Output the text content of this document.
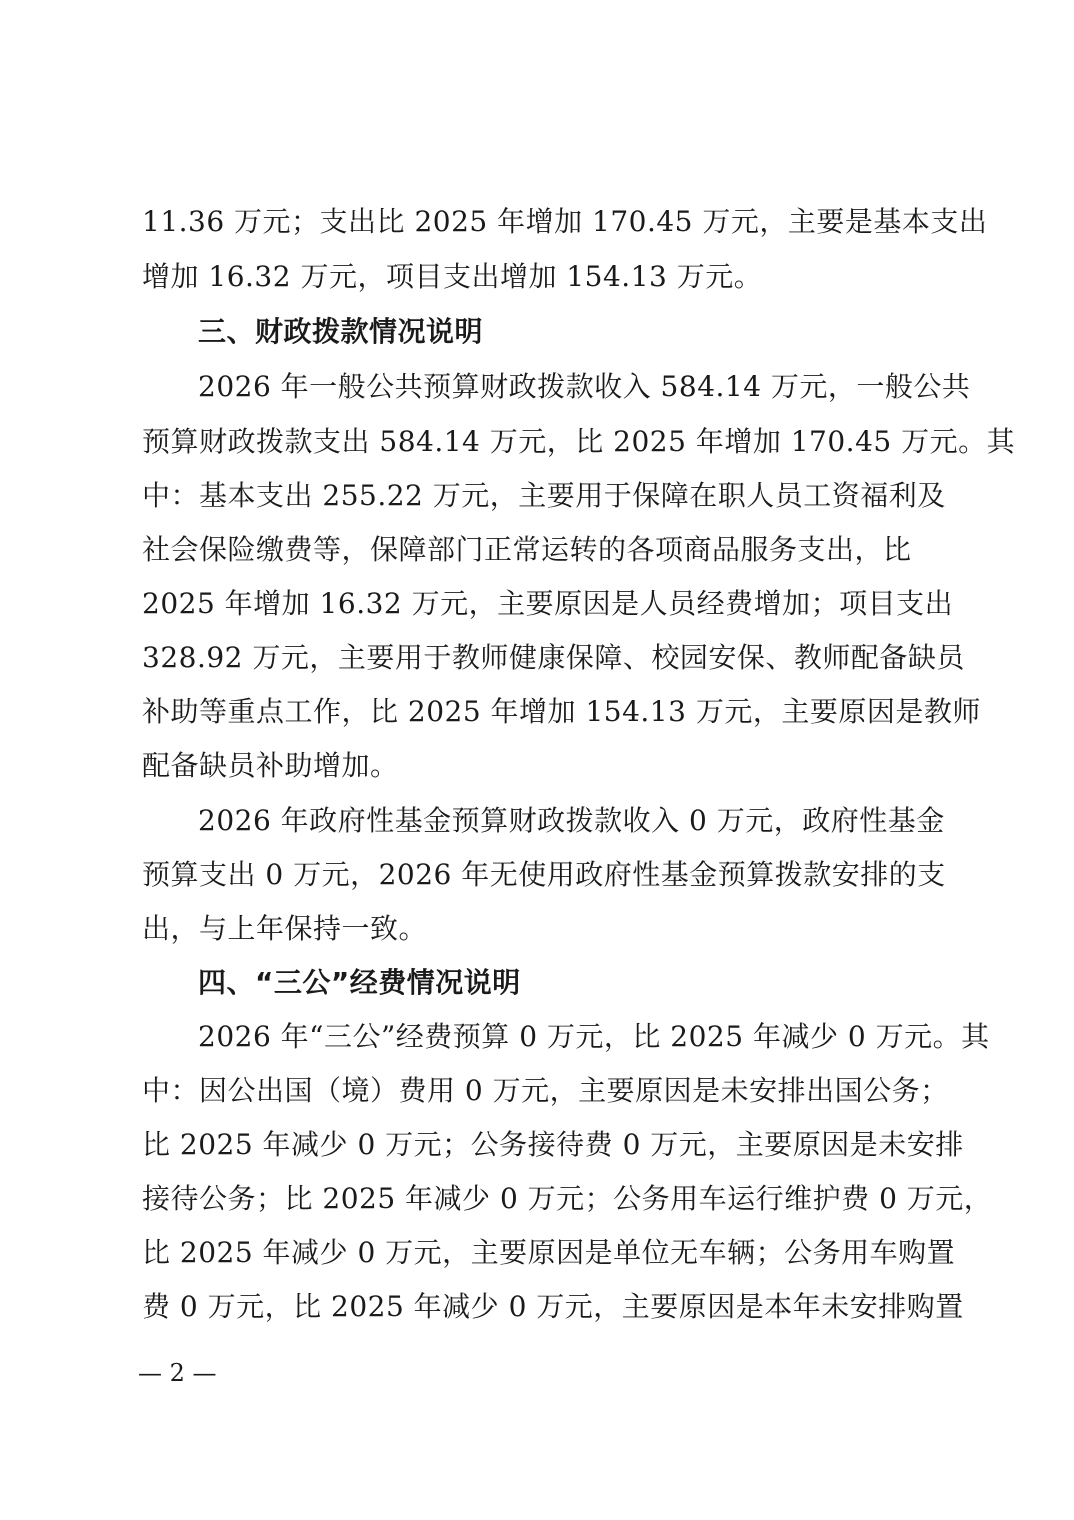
11.36 万元；支出比 2025 年增加 170.45 万元，主要是基本支出
增加 16.32 万元，项目支出增加 154.13 万元。
三、财政拨款情况说明
2026 年一般公共预算财政拨款收入 584.14 万元，一般公共
预算财政拨款支出 584.14 万元，比 2025 年增加 170.45 万元。其
中：基本支出 255.22 万元，主要用于保障在职人员工资福利及
社会保险缴费等，保障部门正常运转的各项商品服务支出，比
2025 年增加 16.32 万元，主要原因是人员经费增加；项目支出
328.92 万元，主要用于教师健康保障、校园安保、教师配备缺员
补助等重点工作，比 2025 年增加 154.13 万元，主要原因是教师
配备缺员补助增加。
2026 年政府性基金预算财政拨款收入 0 万元，政府性基金
预算支出 0 万元，2026 年无使用政府性基金预算拨款安排的支
出，与上年保持一致。
四、“三公”经费情况说明
2026 年“三公”经费预算 0 万元，比 2025 年减少 0 万元。其
中：因公出国（境）费用 0 万元，主要原因是未安排出国公务；
比 2025 年减少 0 万元；公务接待费 0 万元，主要原因是未安排
接待公务；比 2025 年减少 0 万元；公务用车运行维护费 0 万元，
比 2025 年减少 0 万元，主要原因是单位无车辆；公务用车购置
费 0 万元，比 2025 年减少 0 万元，主要原因是本年未安排购置
— 2 —
